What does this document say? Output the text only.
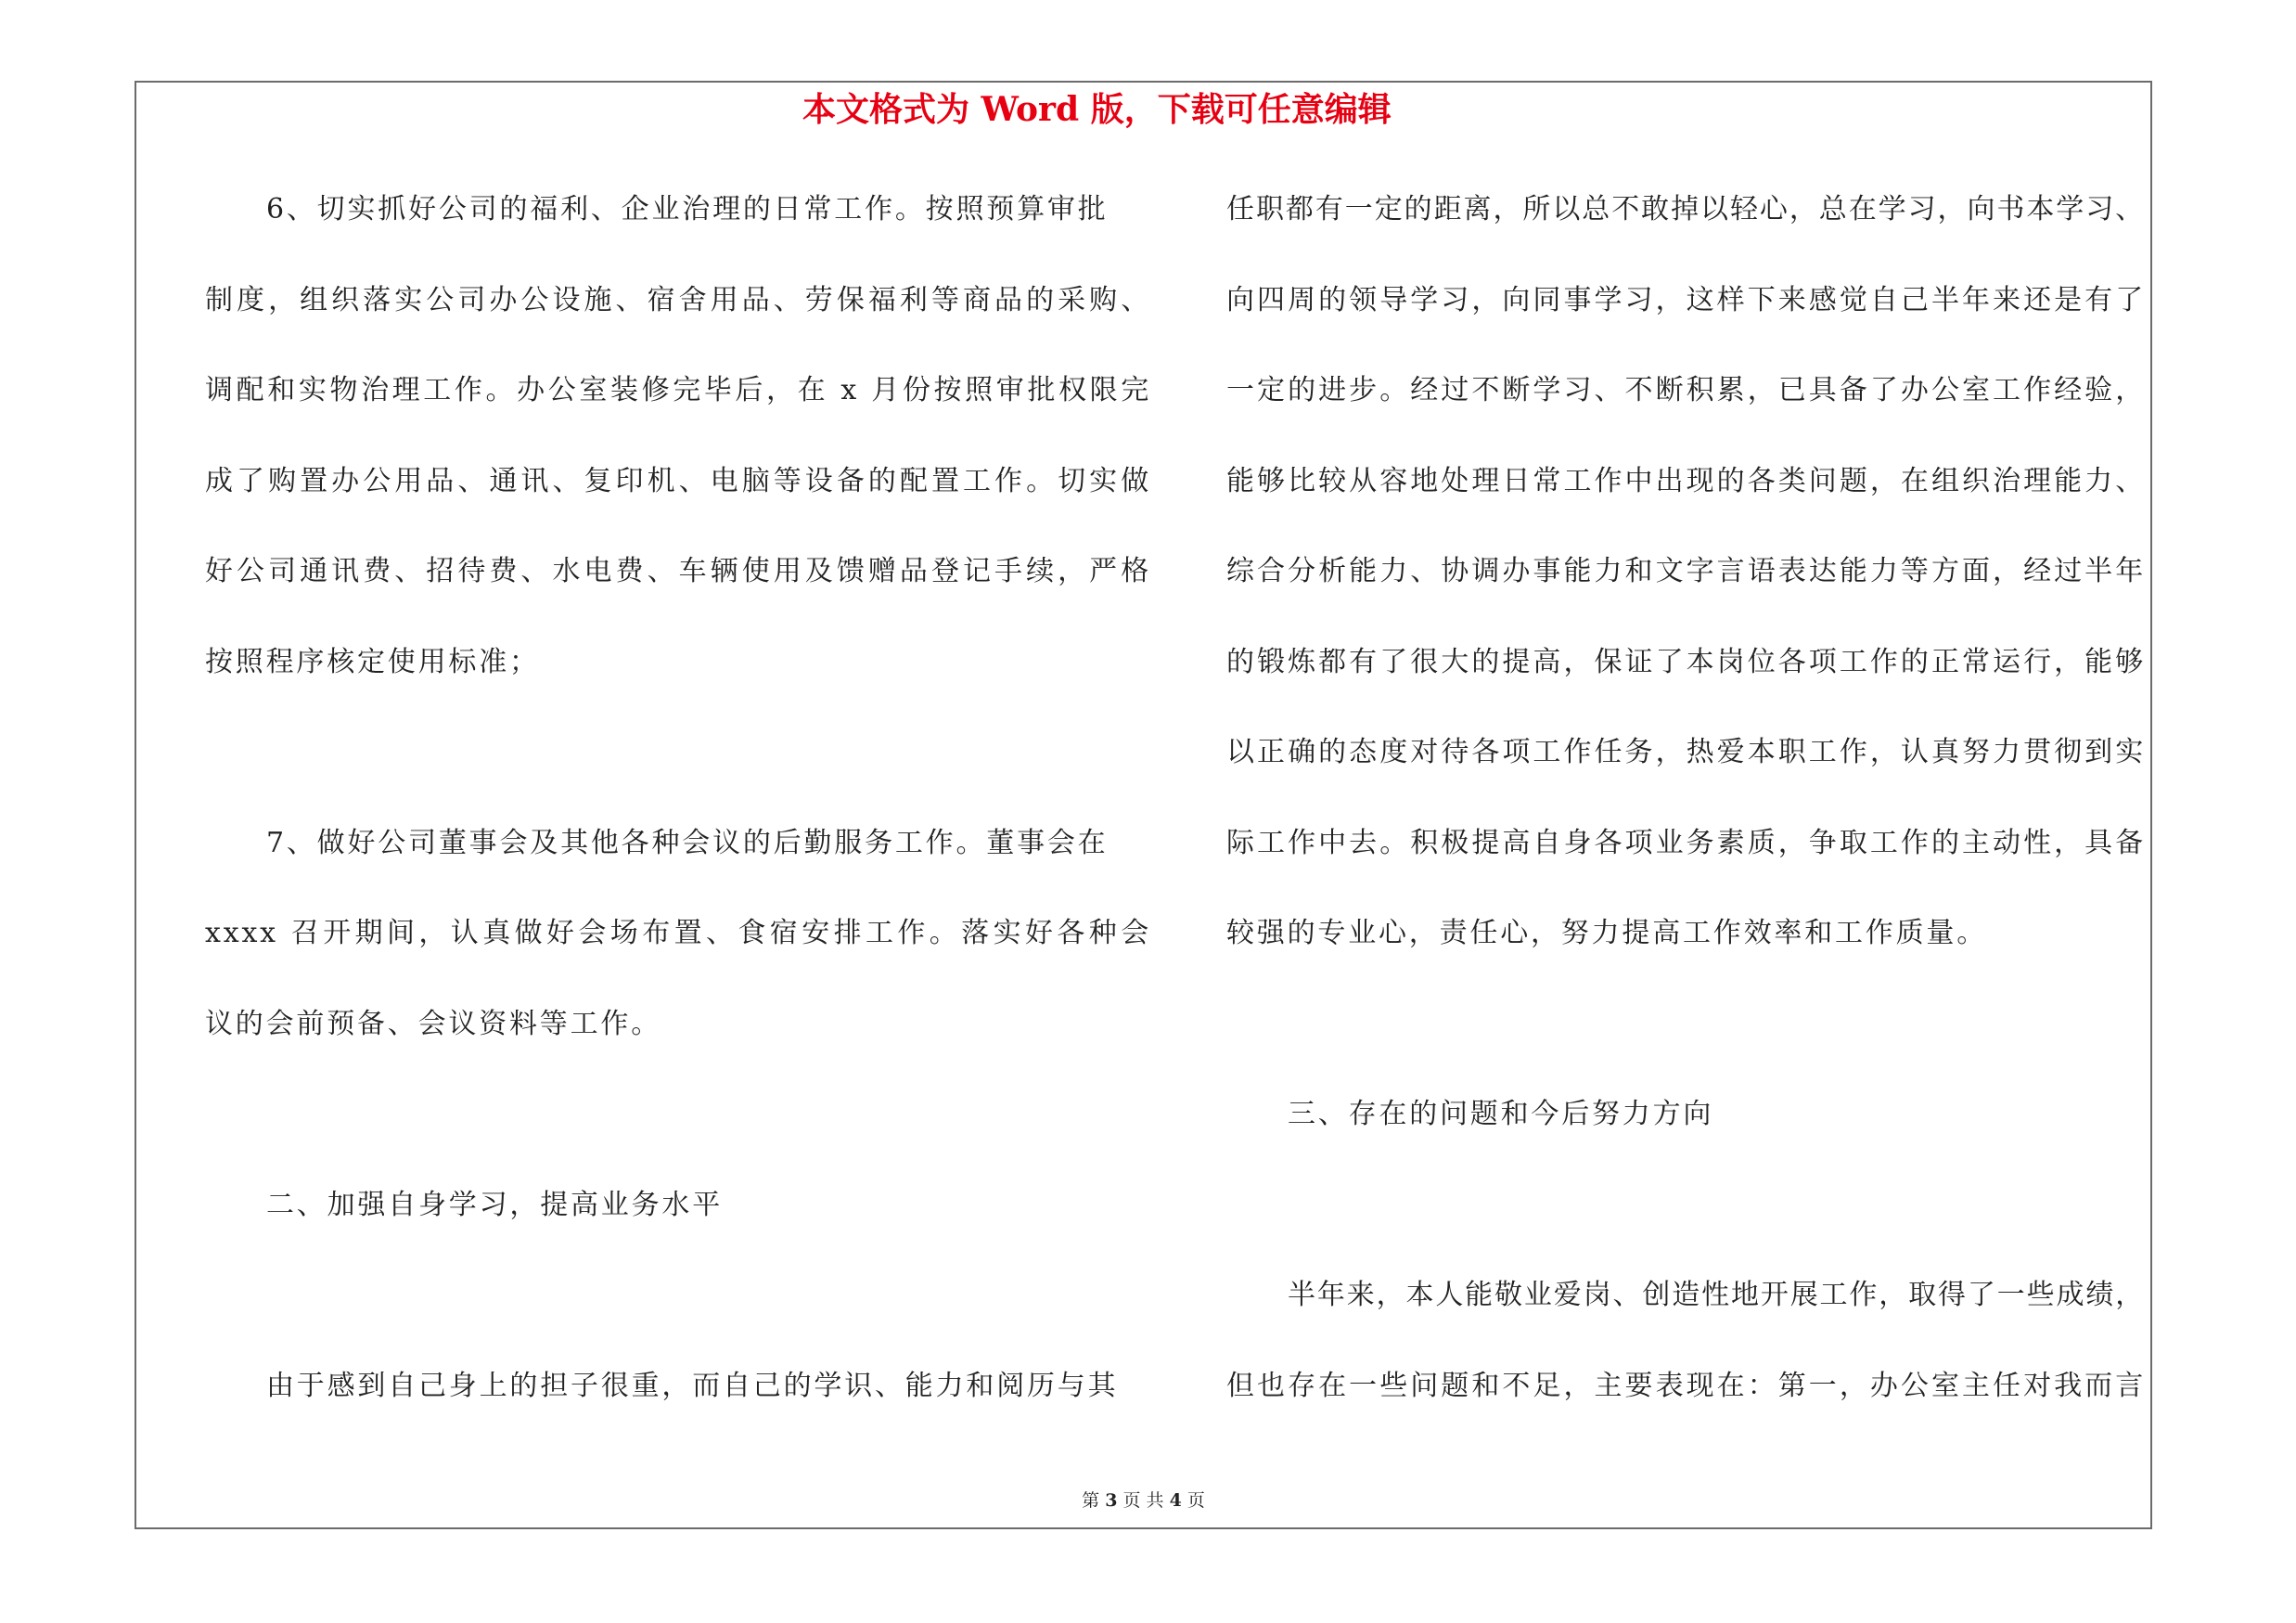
本文格式为 Word 版，下载可任意编辑
6、切实抓好公司的福利、企业治理的日常工作。按照预算审批
制度，组织落实公司办公设施、宿舍用品、劳保福利等商品的采购、
调配和实物治理工作。办公室装修完毕后，在 x 月份按照审批权限完
成了购置办公用品、通讯、复印机、电脑等设备的配置工作。切实做
好公司通讯费、招待费、水电费、车辆使用及馈赠品登记手续，严格
按照程序核定使用标准；
7、做好公司董事会及其他各种会议的后勤服务工作。董事会在
xxxx 召开期间，认真做好会场布置、食宿安排工作。落实好各种会
议的会前预备、会议资料等工作。
二、加强自身学习，提高业务水平
由于感到自己身上的担子很重，而自己的学识、能力和阅历与其
任职都有一定的距离，所以总不敢掉以轻心，总在学习，向书本学习、
向四周的领导学习，向同事学习，这样下来感觉自己半年来还是有了
一定的进步。经过不断学习、不断积累，已具备了办公室工作经验，
能够比较从容地处理日常工作中出现的各类问题，在组织治理能力、
综合分析能力、协调办事能力和文字言语表达能力等方面，经过半年
的锻炼都有了很大的提高，保证了本岗位各项工作的正常运行，能够
以正确的态度对待各项工作任务，热爱本职工作，认真努力贯彻到实
际工作中去。积极提高自身各项业务素质，争取工作的主动性，具备
较强的专业心，责任心，努力提高工作效率和工作质量。
三、存在的问题和今后努力方向
半年来，本人能敬业爱岗、创造性地开展工作，取得了一些成绩，
但也存在一些问题和不足，主要表现在：第一，办公室主任对我而言
第 3 页 共 4 页
